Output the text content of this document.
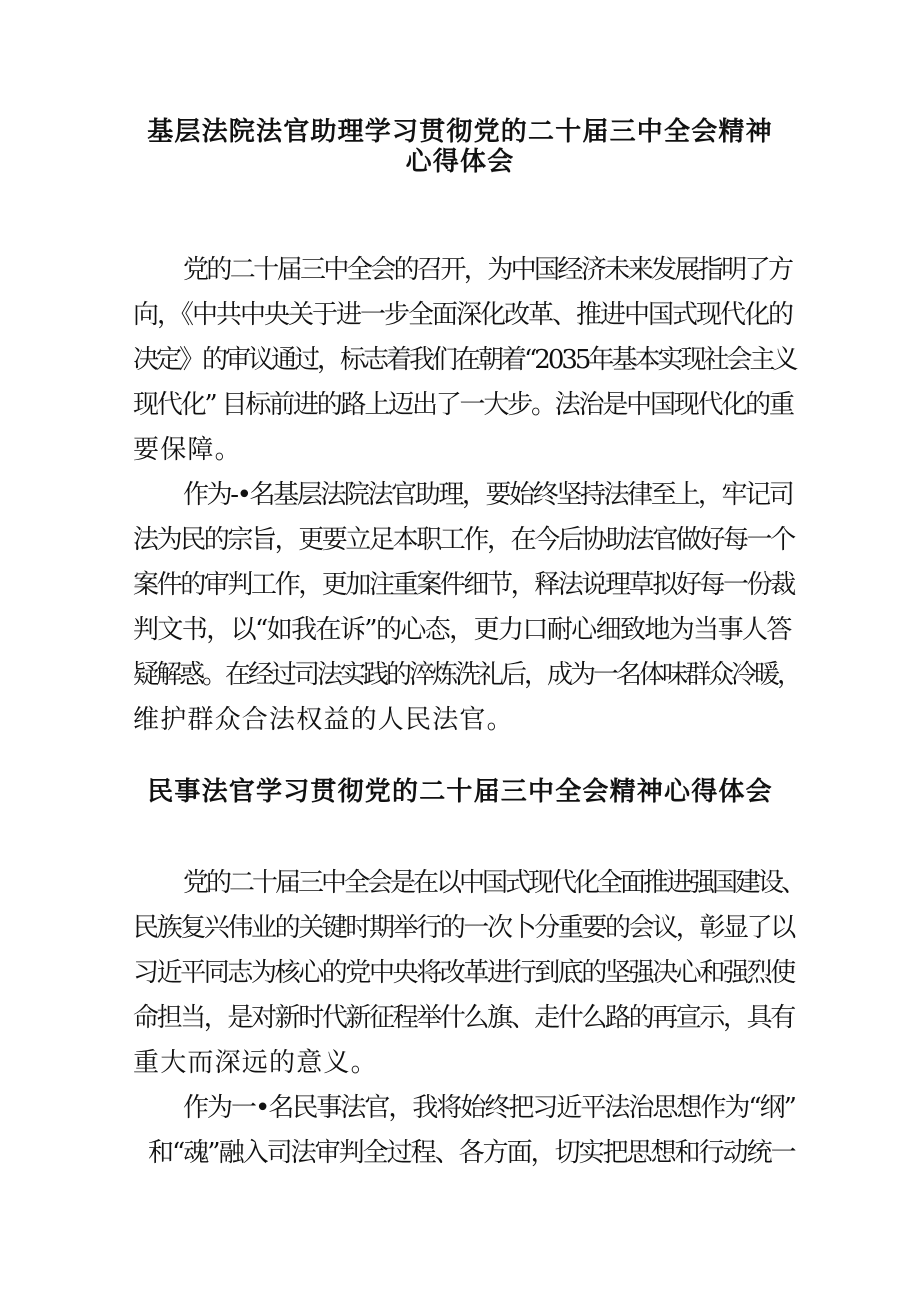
基层法院法官助理学习贯彻党的二十届三中全会精神
心得体会
党的二十届三中全会的召开，为中国经济未来发展指明了方
向，《中共中央关于进一步全面深化改革、推进中国式现代化的
决定》的审议通过，标志着我们在朝着“2035年基本实现社会主义
现代化” 目标前进的路上迈出了一大步。法治是中国现代化的重
要保障。
作为-•名基层法院法官助理，要始终坚持法律至上，牢记司
法为民的宗旨，更要立足本职工作，在今后协助法官做好每一个
案件的审判工作，更加注重案件细节，释法说理草拟好每一份裁
判文书，以“如我在诉”的心态，更力口耐心细致地为当事人答
疑解惑。在经过司法实践的淬炼洗礼后，成为一名体味群众冷暖，
维护群众合法权益的人民法官。
民事法官学习贯彻党的二十届三中全会精神心得体会
党的二十届三中全会是在以中国式现代化全面推进强国建设、
民族复兴伟业的关键时期举行的一次卜分重要的会议，彰显了以
习近平同志为核心的党中央将改革进行到底的坚强决心和强烈使
命担当，是对新时代新征程举什么旗、走什么路的再宣示，具有
重大而深远的意义。
作为一•名民事法官，我将始终把习近平法治思想作为“纲”
和“魂”融入司法审判全过程、各方面，切实把思想和行动统一
